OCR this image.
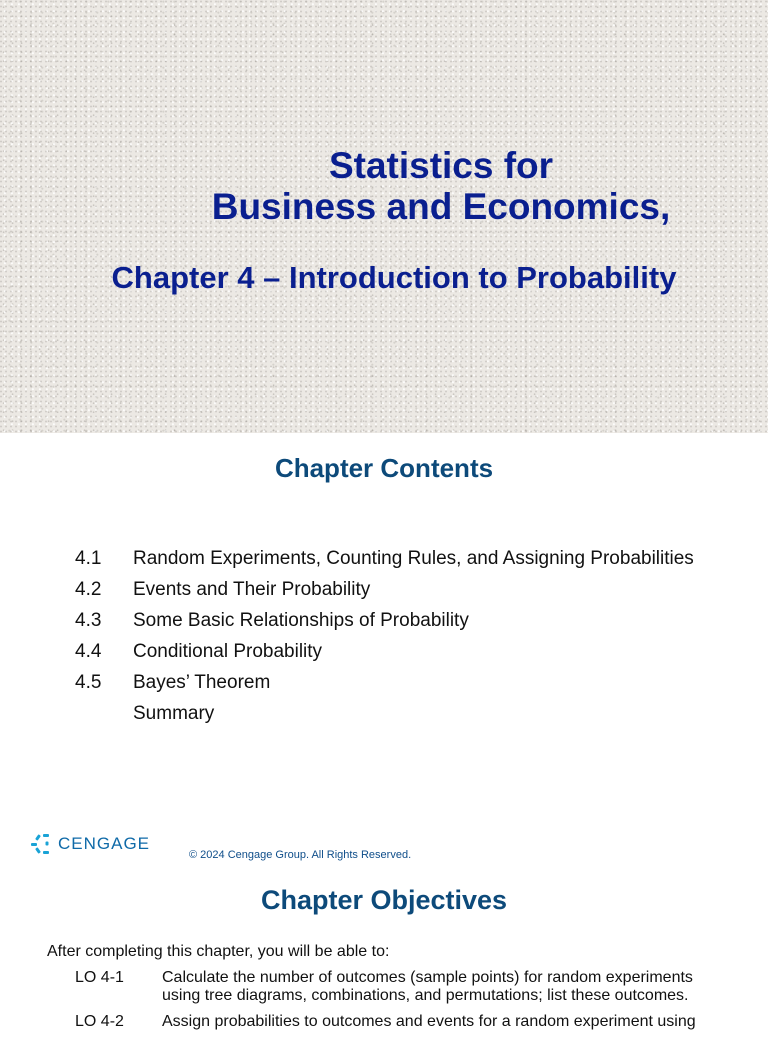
Statistics for
Business and Economics,
Chapter 4 – Introduction to Probability
Chapter Contents
4.1	Random Experiments, Counting Rules, and Assigning Probabilities
4.2	Events and Their Probability
4.3	Some Basic Relationships of Probability
4.4	Conditional Probability
4.5	Bayes’ Theorem
Summary
CENGAGE
© 2024 Cengage Group. All Rights Reserved.
Chapter Objectives

After completing this chapter, you will be able to:

LO 4-1	Calculate the number of outcomes (sample points) for random experiments using tree diagrams, combinations, and permutations; list these outcomes.
LO 4-2	Assign probabilities to outcomes and events for a random experiment using
